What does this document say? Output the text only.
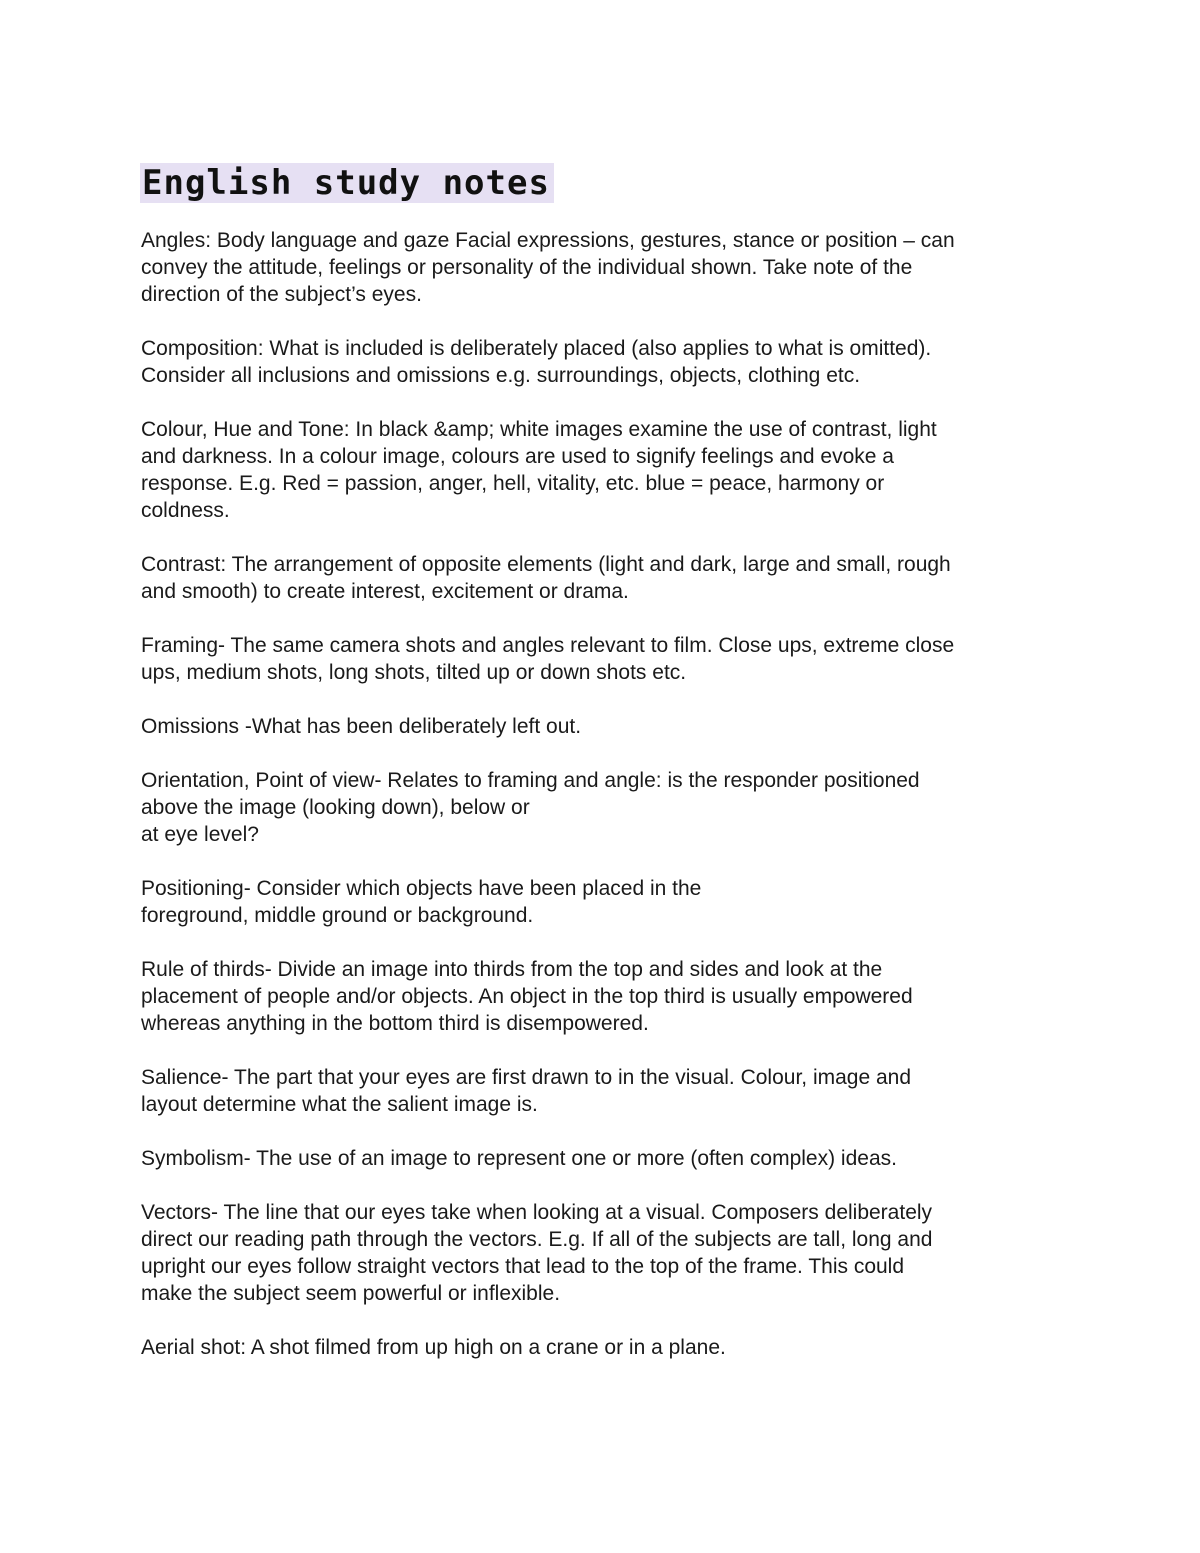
English study notes

Angles: Body language and gaze Facial expressions, gestures, stance or position – can
convey the attitude, feelings or personality of the individual shown. Take note of the
direction of the subject’s eyes.

Composition: What is included is deliberately placed (also applies to what is omitted).
Consider all inclusions and omissions e.g. surroundings, objects, clothing etc.

Colour, Hue and Tone: In black &amp; white images examine the use of contrast, light
and darkness. In a colour image, colours are used to signify feelings and evoke a
response. E.g. Red = passion, anger, hell, vitality, etc. blue = peace, harmony or
coldness.

Contrast: The arrangement of opposite elements (light and dark, large and small, rough
and smooth) to create interest, excitement or drama.

Framing- The same camera shots and angles relevant to film. Close ups, extreme close
ups, medium shots, long shots, tilted up or down shots etc.

Omissions -What has been deliberately left out.

Orientation, Point of view- Relates to framing and angle: is the responder positioned
above the image (looking down), below or
at eye level?

Positioning- Consider which objects have been placed in the
foreground, middle ground or background.

Rule of thirds- Divide an image into thirds from the top and sides and look at the
placement of people and/or objects. An object in the top third is usually empowered
whereas anything in the bottom third is disempowered.

Salience- The part that your eyes are first drawn to in the visual. Colour, image and
layout determine what the salient image is.

Symbolism- The use of an image to represent one or more (often complex) ideas.

Vectors- The line that our eyes take when looking at a visual. Composers deliberately
direct our reading path through the vectors. E.g. If all of the subjects are tall, long and
upright our eyes follow straight vectors that lead to the top of the frame. This could
make the subject seem powerful or inflexible.

Aerial shot: A shot filmed from up high on a crane or in a plane.
